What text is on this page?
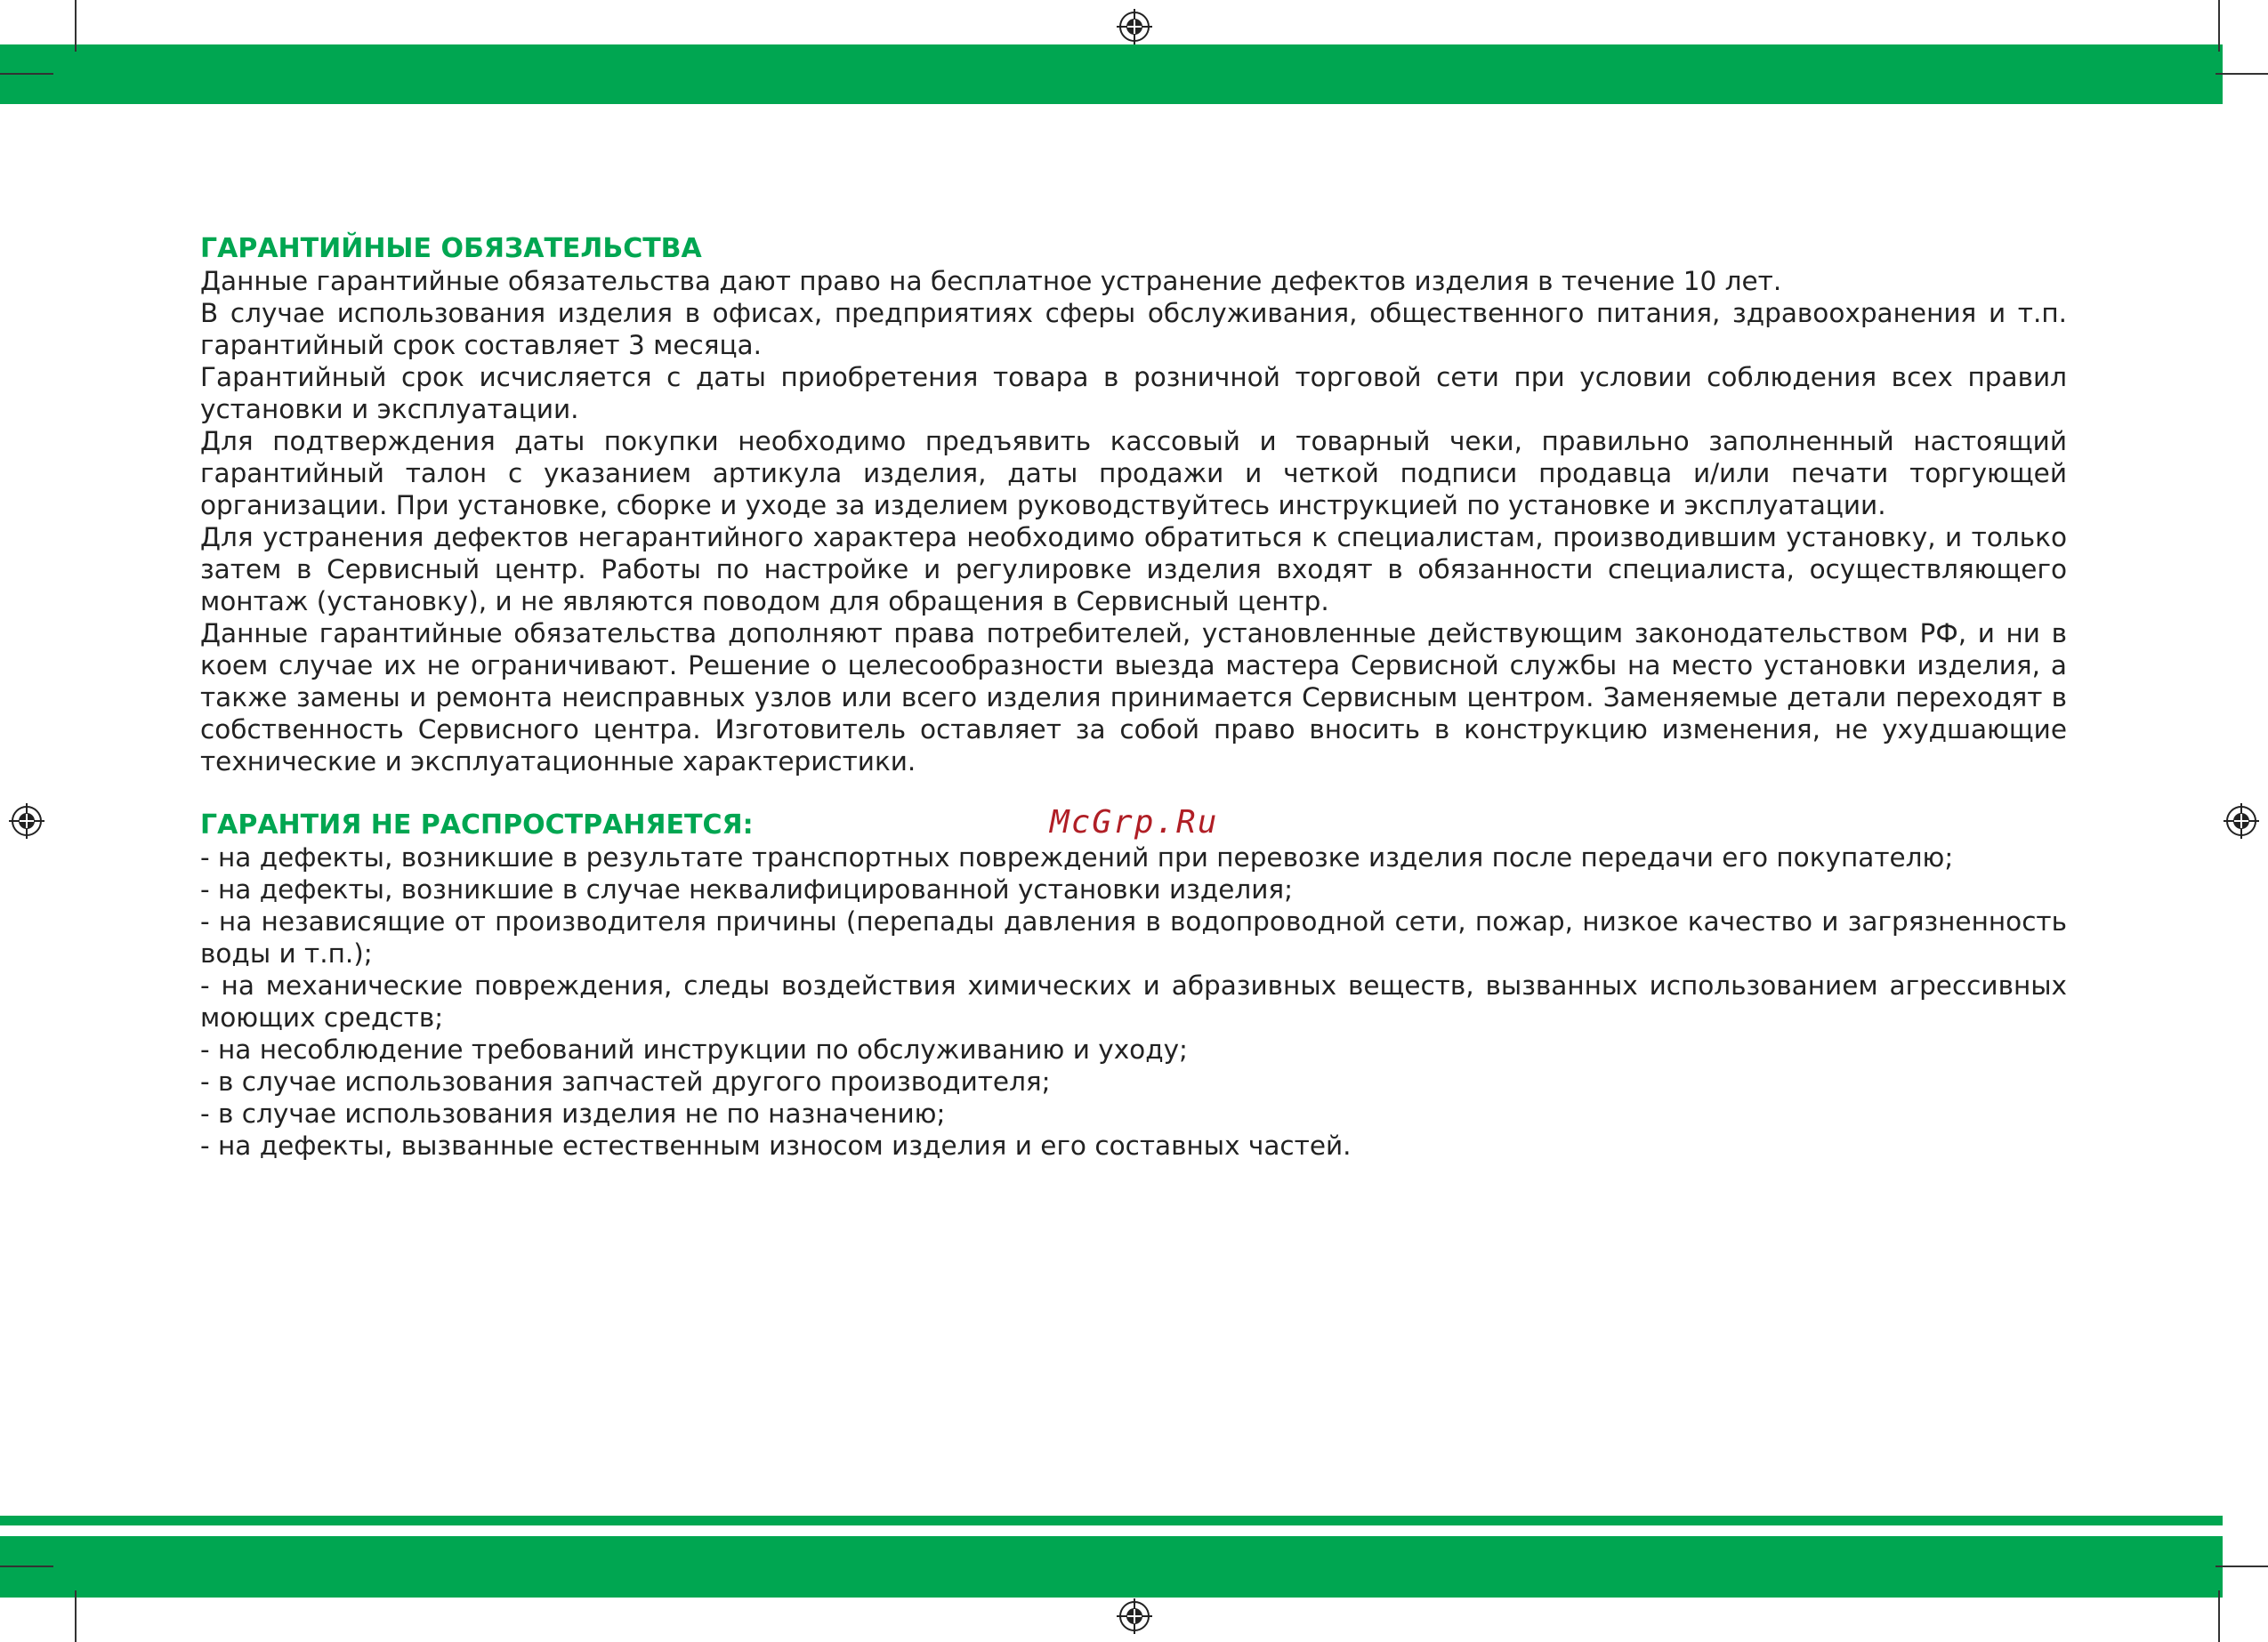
ГАРАНТИЙНЫЕ ОБЯЗАТЕЛЬСТВА

Данные гарантийные обязательства дают право на бесплатное устранение дефектов изделия в течение 10 лет.

В случае использования изделия в офисах, предприятиях сферы обслуживания, общественного питания, здравоохранения и т.п. гарантийный срок составляет 3 месяца.

Гарантийный срок исчисляется с даты приобретения товара в розничной торговой сети при условии соблюдения всех правил установки и эксплуатации.

Для подтверждения даты покупки необходимо предъявить кассовый и товарный чеки, правильно заполненный настоящий гарантийный талон с указанием артикула изделия, даты продажи и четкой подписи продавца и/или печати торгующей организации. При установке, сборке и уходе за изделием руководствуйтесь инструкцией по установке и эксплуатации.

Для устранения дефектов негарантийного характера необходимо обратиться к специалистам, производившим установку, и только затем в Сервисный центр. Работы по настройке и регулировке изделия входят в обязанности специалиста, осуществляющего монтаж (установку), и не являются поводом для обращения в Сервисный центр.

Данные гарантийные обязательства дополняют права потребителей, установленные действующим законодательством РФ, и ни в коем случае их не ограничивают. Решение о целесообразности выезда мастера Сервисной службы на место установки изделия, а также замены и ремонта неисправных узлов или всего изделия принимается Сервисным центром. Заменяемые детали переходят в собственность Сервисного центра. Изготовитель оставляет за собой право вносить в конструкцию изменения, не ухудшающие технические и эксплуатационные характеристики.

ГАРАНТИЯ НЕ РАСПРОСТРАНЯЕТСЯ:

- на дефекты, возникшие в результате транспортных повреждений при перевозке изделия после передачи его покупателю;

- на дефекты, возникшие в случае неквалифицированной установки изделия;

- на независящие от производителя причины (перепады давления в водопроводной сети, пожар, низкое качество и загрязненность воды и т.п.);

- на механические повреждения, следы воздействия химических и абразивных веществ, вызванных использованием агрессивных моющих средств;

- на несоблюдение требований инструкции по обслуживанию и уходу;

- в случае использования запчастей другого производителя;

- в случае использования изделия не по назначению;

- на дефекты, вызванные естественным износом изделия и его составных частей.

McGrp.Ru
